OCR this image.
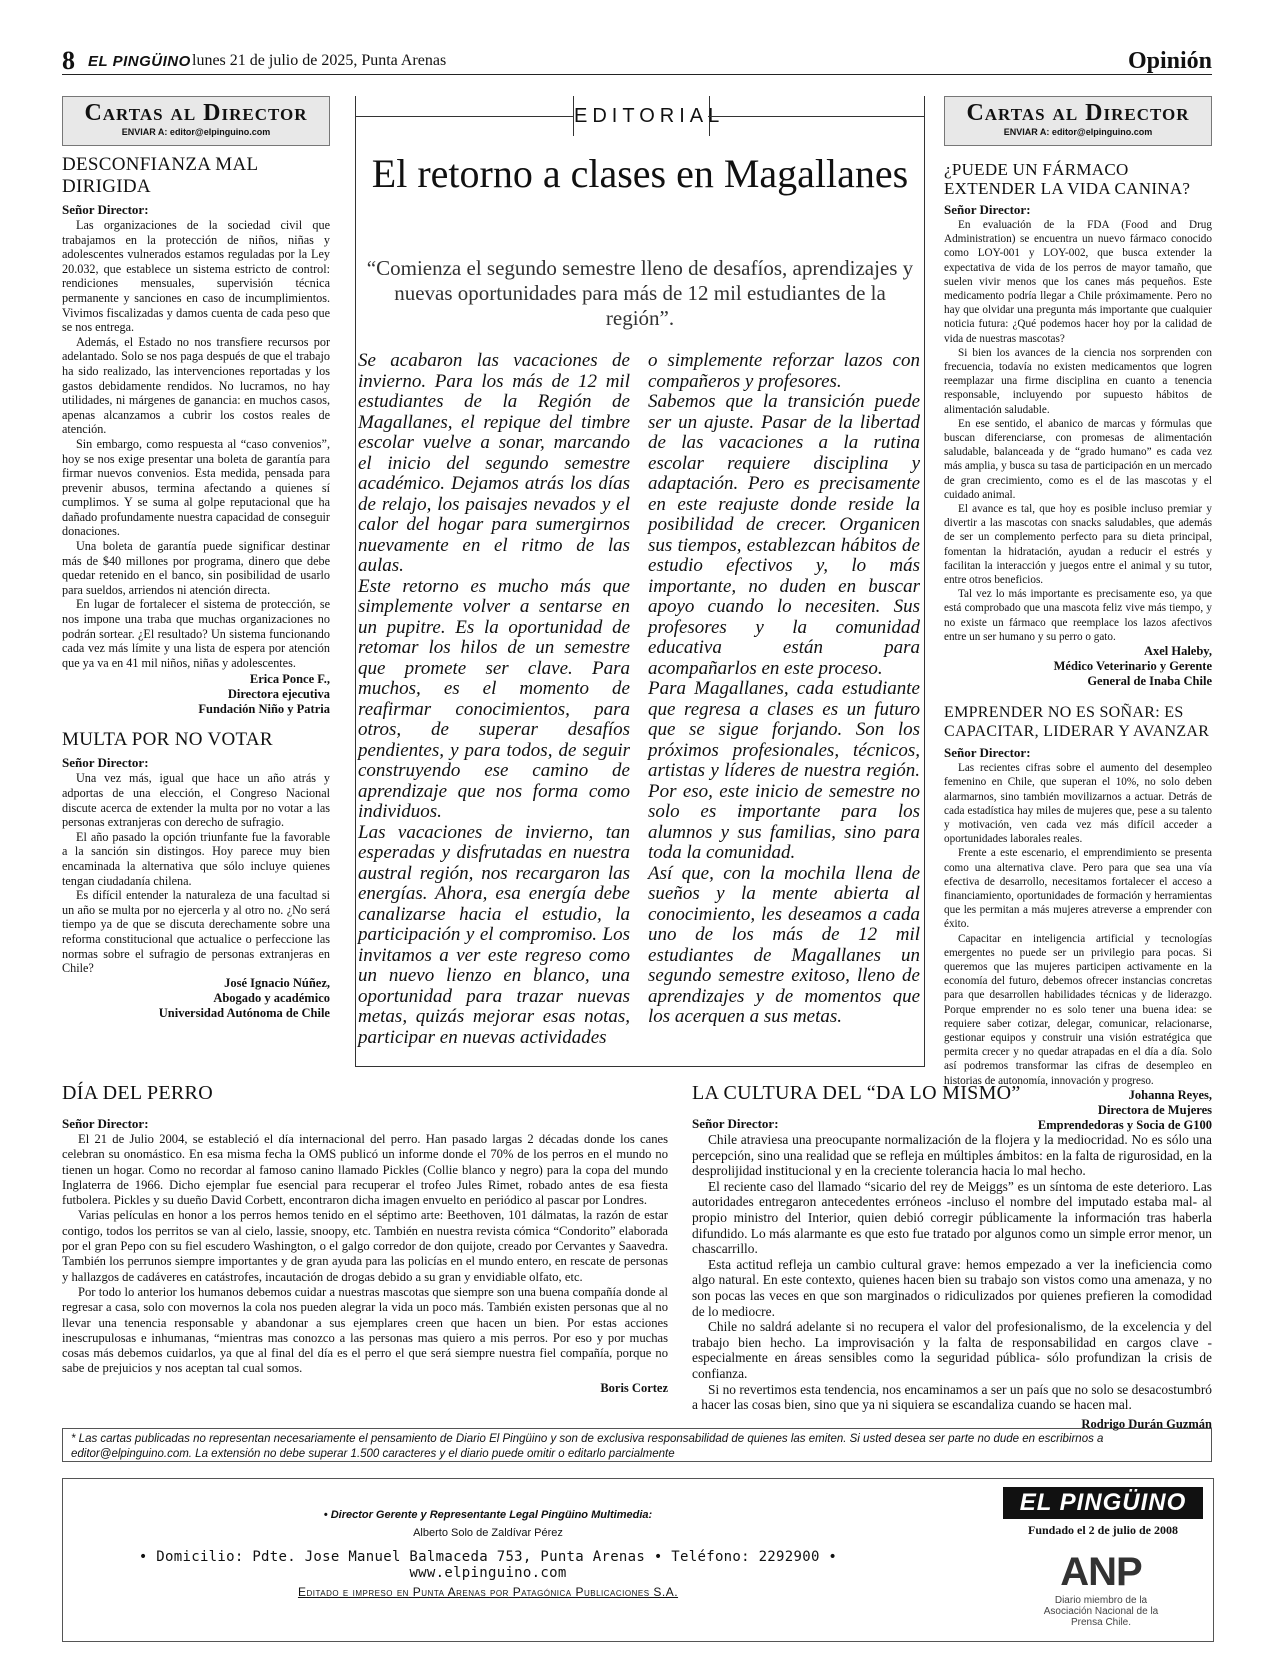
8 EL PINGÜINO lunes 21 de julio de 2025, Punta Arenas	Opinión
Cartas al Director
ENVIAR A: editor@elpinguino.com
DESCONFIANZA MAL DIRIGIDA
Señor Director:

Las organizaciones de la sociedad civil que trabajamos en la protección de niños, niñas y adolescentes vulnerados estamos reguladas por la Ley 20.032, que establece un sistema estricto de control: rendiciones mensuales, supervisión técnica permanente y sanciones en caso de incumplimientos. Vivimos fiscalizadas y damos cuenta de cada peso que se nos entrega.

Además, el Estado no nos transfiere recursos por adelantado. Solo se nos paga después de que el trabajo ha sido realizado, las intervenciones reportadas y los gastos debidamente rendidos. No lucramos, no hay utilidades, ni márgenes de ganancia: en muchos casos, apenas alcanzamos a cubrir los costos reales de atención.

Sin embargo, como respuesta al “caso convenios”, hoy se nos exige presentar una boleta de garantía para firmar nuevos convenios. Esta medida, pensada para prevenir abusos, termina afectando a quienes sí cumplimos. Y se suma al golpe reputacional que ha dañado profundamente nuestra capacidad de conseguir donaciones.

Una boleta de garantía puede significar destinar más de $40 millones por programa, dinero que debe quedar retenido en el banco, sin posibilidad de usarlo para sueldos, arriendos ni atención directa.

En lugar de fortalecer el sistema de protección, se nos impone una traba que muchas organizaciones no podrán sortear. ¿El resultado? Un sistema funcionando cada vez más límite y una lista de espera por atención que ya va en 41 mil niños, niñas y adolescentes.

Erica Ponce F.,
Directora ejecutiva
Fundación Niño y Patria
MULTA POR NO VOTAR
Señor Director:

Una vez más, igual que hace un año atrás y adportas de una elección, el Congreso Nacional discute acerca de extender la multa por no votar a las personas extranjeras con derecho de sufragio.

El año pasado la opción triunfante fue la favorable a la sanción sin distingos. Hoy parece muy bien encaminada la alternativa que sólo incluye quienes tengan ciudadanía chilena.

Es difícil entender la naturaleza de una facultad si un año se multa por no ejercerla y al otro no. ¿No será tiempo ya de que se discuta derechamente sobre una reforma constitucional que actualice o perfeccione las normas sobre el sufragio de personas extranjeras en Chile?

José Ignacio Núñez,
Abogado y académico
Universidad Autónoma de Chile
EDITORIAL
El retorno a clases en Magallanes
“Comienza el segundo semestre lleno de desafíos, aprendizajes y nuevas oportunidades para más de 12 mil estudiantes de la región”.

Se acabaron las vacaciones de invierno. Para los más de 12 mil estudiantes de la Región de Magallanes, el repique del timbre escolar vuelve a sonar, marcando el inicio del segundo semestre académico. Dejamos atrás los días de relajo, los paisajes nevados y el calor del hogar para sumergirnos nuevamente en el ritmo de las aulas.

Este retorno es mucho más que simplemente volver a sentarse en un pupitre. Es la oportunidad de retomar los hilos de un semestre que promete ser clave. Para muchos, es el momento de reafirmar conocimientos, para otros, de superar desafíos pendientes, y para todos, de seguir construyendo ese camino de aprendizaje que nos forma como individuos.

Las vacaciones de invierno, tan esperadas y disfrutadas en nuestra austral región, nos recargaron las energías. Ahora, esa energía debe canalizarse hacia el estudio, la participación y el compromiso. Los invitamos a ver este regreso como un nuevo lienzo en blanco, una oportunidad para trazar nuevas metas, quizás mejorar esas notas, participar en nuevas actividades

o simplemente reforzar lazos con compañeros y profesores.

Sabemos que la transición puede ser un ajuste. Pasar de la libertad de las vacaciones a la rutina escolar requiere disciplina y adaptación. Pero es precisamente en este reajuste donde reside la posibilidad de crecer. Organicen sus tiempos, establezcan hábitos de estudio efectivos y, lo más importante, no duden en buscar apoyo cuando lo necesiten. Sus profesores y la comunidad educativa están para acompañarlos en este proceso.

Para Magallanes, cada estudiante que regresa a clases es un futuro que se sigue forjando. Son los próximos profesionales, técnicos, artistas y líderes de nuestra región. Por eso, este inicio de semestre no solo es importante para los alumnos y sus familias, sino para toda la comunidad.

Así que, con la mochila llena de sueños y la mente abierta al conocimiento, les deseamos a cada uno de los más de 12 mil estudiantes de Magallanes un segundo semestre exitoso, lleno de aprendizajes y de momentos que los acerquen a sus metas.

Cartas al Director
ENVIAR A: editor@elpinguino.com
¿PUEDE UN FÁRMACO EXTENDER LA VIDA CANINA?
Señor Director:

En evaluación de la FDA (Food and Drug Administration) se encuentra un nuevo fármaco conocido como LOY-001 y LOY-002, que busca extender la expectativa de vida de los perros de mayor tamaño, que suelen vivir menos que los canes más pequeños. Este medicamento podría llegar a Chile próximamente. Pero no hay que olvidar una pregunta más importante que cualquier noticia futura: ¿Qué podemos hacer hoy por la calidad de vida de nuestras mascotas?

Si bien los avances de la ciencia nos sorprenden con frecuencia, todavía no existen medicamentos que logren reemplazar una firme disciplina en cuanto a tenencia responsable, incluyendo por supuesto hábitos de alimentación saludable.

En ese sentido, el abanico de marcas y fórmulas que buscan diferenciarse, con promesas de alimentación saludable, balanceada y de “grado humano” es cada vez más amplia, y busca su tasa de participación en un mercado de gran crecimiento, como es el de las mascotas y el cuidado animal.

El avance es tal, que hoy es posible incluso premiar y divertir a las mascotas con snacks saludables, que además de ser un complemento perfecto para su dieta principal, fomentan la hidratación, ayudan a reducir el estrés y facilitan la interacción y juegos entre el animal y su tutor, entre otros beneficios.

Tal vez lo más importante es precisamente eso, ya que está comprobado que una mascota feliz vive más tiempo, y no existe un fármaco que reemplace los lazos afectivos entre un ser humano y su perro o gato.

Axel Haleby,
Médico Veterinario y Gerente
General de Inaba Chile
EMPRENDER NO ES SOÑAR: ES CAPACITAR, LIDERAR Y AVANZAR
Señor Director:

Las recientes cifras sobre el aumento del desempleo femenino en Chile, que superan el 10%, no solo deben alarmarnos, sino también movilizarnos a actuar. Detrás de cada estadística hay miles de mujeres que, pese a su talento y motivación, ven cada vez más difícil acceder a oportunidades laborales reales.

Frente a este escenario, el emprendimiento se presenta como una alternativa clave. Pero para que sea una vía efectiva de desarrollo, necesitamos fortalecer el acceso a financiamiento, oportunidades de formación y herramientas que les permitan a más mujeres atreverse a emprender con éxito.

Capacitar en inteligencia artificial y tecnologías emergentes no puede ser un privilegio para pocas. Si queremos que las mujeres participen activamente en la economía del futuro, debemos ofrecer instancias concretas para que desarrollen habilidades técnicas y de liderazgo. Porque emprender no es solo tener una buena idea: se requiere saber cotizar, delegar, comunicar, relacionarse, gestionar equipos y construir una visión estratégica que permita crecer y no quedar atrapadas en el día a día. Solo así podremos transformar las cifras de desempleo en historias de autonomía, innovación y progreso.

Johanna Reyes,
Directora de Mujeres
Emprendedoras y Socia de G100
DÍA DEL PERRO
Señor Director:

El 21 de Julio 2004, se estableció el día internacional del perro. Han pasado largas 2 décadas donde los canes celebran su onomástico. En esa misma fecha la OMS publicó un informe donde el 70% de los perros en el mundo no tienen un hogar. Como no recordar al famoso canino llamado Pickles (Collie blanco y negro) para la copa del mundo Inglaterra de 1966. Dicho ejemplar fue esencial para recuperar el trofeo Jules Rimet, robado antes de esa fiesta futbolera. Pickles y su dueño David Corbett, encontraron dicha imagen envuelto en periódico al pascar por Londres.

Varias películas en honor a los perros hemos tenido en el séptimo arte: Beethoven, 101 dálmatas, la razón de estar contigo, todos los perritos se van al cielo, lassie, snoopy, etc. También en nuestra revista cómica “Condorito” elaborada por el gran Pepo con su fiel escudero Washington, o el galgo corredor de don quijote, creado por Cervantes y Saavedra. También los perrunos siempre importantes y de gran ayuda para las policías en el mundo entero, en rescate de personas y hallazgos de cadáveres en catástrofes, incautación de drogas debido a su gran y envidiable olfato, etc.

Por todo lo anterior los humanos debemos cuidar a nuestras mascotas que siempre son una buena compañía donde al regresar a casa, solo con movernos la cola nos pueden alegrar la vida un poco más. También existen personas que al no llevar una tenencia responsable y abandonar a sus ejemplares creen que hacen un bien. Por estas acciones inescrupulosas e inhumanas, “mientras mas conozco a las personas mas quiero a mis perros. Por eso y por muchas cosas más debemos cuidarlos, ya que al final del día es el perro el que será siempre nuestra fiel compañía, porque no sabe de prejuicios y nos aceptan tal cual somos.

Boris Cortez
LA CULTURA DEL “DA LO MISMO”
Señor Director:

Chile atraviesa una preocupante normalización de la flojera y la mediocridad. No es sólo una percepción, sino una realidad que se refleja en múltiples ámbitos: en la falta de rigurosidad, en la desprolijidad institucional y en la creciente tolerancia hacia lo mal hecho.

El reciente caso del llamado “sicario del rey de Meiggs” es un síntoma de este deterioro. Las autoridades entregaron antecedentes erróneos -incluso el nombre del imputado estaba mal- al propio ministro del Interior, quien debió corregir públicamente la información tras haberla difundido. Lo más alarmante es que esto fue tratado por algunos como un simple error menor, un chascarrillo.

Esta actitud refleja un cambio cultural grave: hemos empezado a ver la ineficiencia como algo natural. En este contexto, quienes hacen bien su trabajo son vistos como una amenaza, y no son pocas las veces en que son marginados o ridiculizados por quienes prefieren la comodidad de lo mediocre.

Chile no saldrá adelante si no recupera el valor del profesionalismo, de la excelencia y del trabajo bien hecho. La improvisación y la falta de responsabilidad en cargos clave -especialmente en áreas sensibles como la seguridad pública- sólo profundizan la crisis de confianza.

Si no revertimos esta tendencia, nos encaminamos a ser un país que no solo se desacostumbró a hacer las cosas bien, sino que ya ni siquiera se escandaliza cuando se hacen mal.

Rodrigo Durán Guzmán
* Las cartas publicadas no representan necesariamente el pensamiento de Diario El Pingüino y son de exclusiva responsabilidad de quienes las emiten. Si usted desea ser parte no dude en escribirnos a editor@elpinguino.com. La extensión no debe superar 1.500 caracteres y el diario puede omitir o editarlo parcialmente
• Director Gerente y Representante Legal Pingüino Multimedia:
Alberto Solo de Zaldívar Pérez
• Domicilio: Pdte. Jose Manuel Balmaceda 753, Punta Arenas • Teléfono: 2292900 • www.elpinguino.com
Editado e impreso en Punta Arenas por Patagónica Publicaciones S.A.
EL PINGÜINO
Fundado el 2 de julio de 2008
ANP
Diario miembro de la Asociación Nacional de la Prensa Chile.
